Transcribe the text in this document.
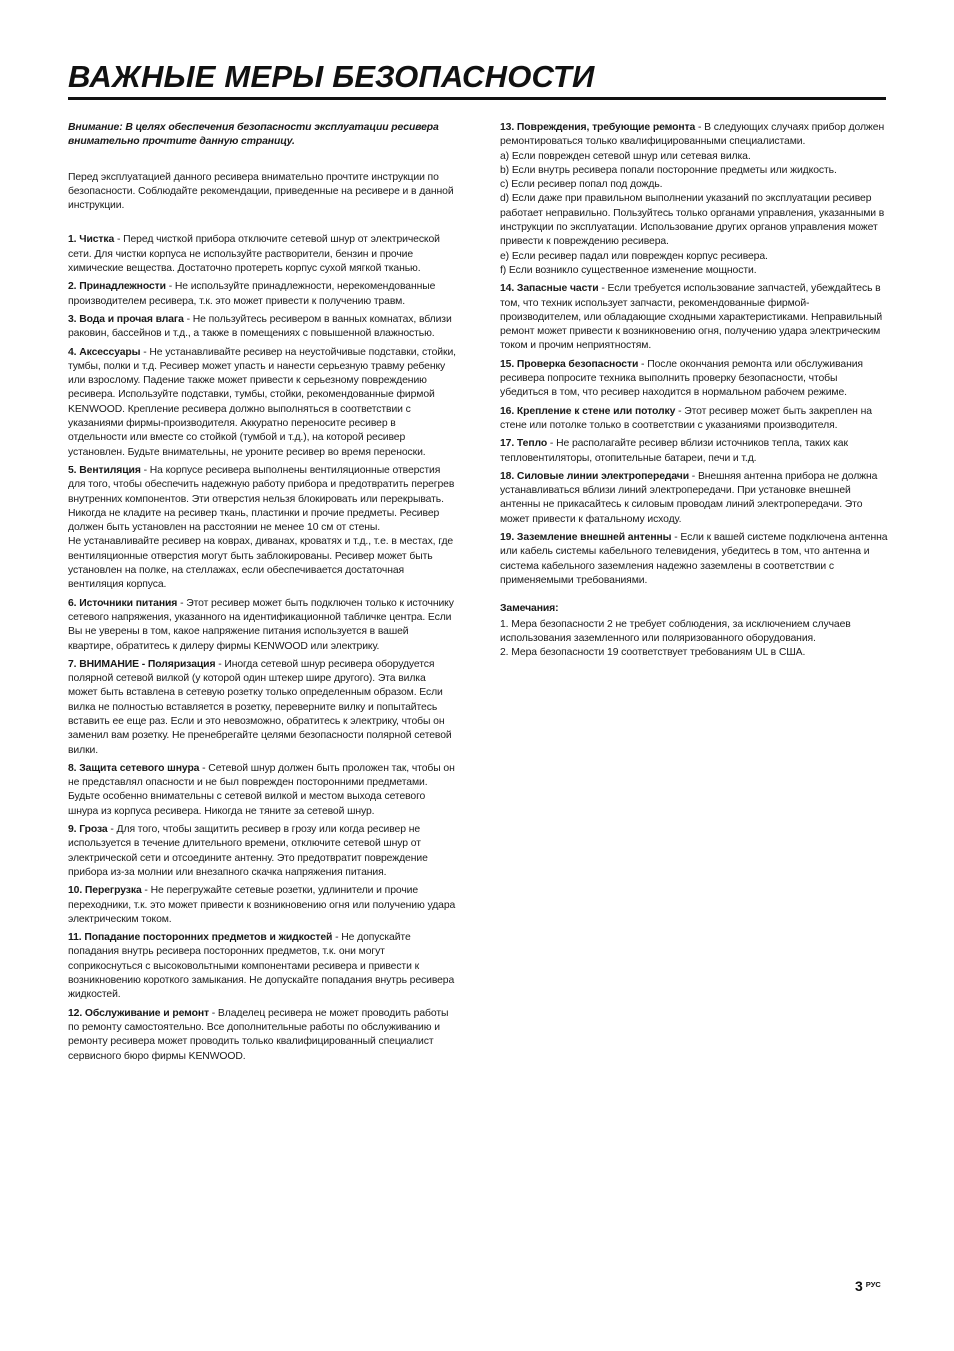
ВАЖНЫЕ МЕРЫ БЕЗОПАСНОСТИ

Внимание: В целях обеспечения безопасности эксплуатации ресивера внимательно прочтите данную страницу.

Перед эксплуатацией данного ресивера внимательно прочтите инструкции по безопасности. Соблюдайте рекомендации, приведенные на ресивере и в данной инструкции.

1. Чистка - Перед чисткой прибора отключите сетевой шнур от электрической сети. Для чистки корпуса не используйте растворители, бензин и прочие химические вещества. Достаточно протереть корпус сухой мягкой тканью.

2. Принадлежности - Не используйте принадлежности, нерекомендованные производителем ресивера, т.к. это может привести к получению травм.

3. Вода и прочая влага - Не пользуйтесь ресивером в ванных комнатах, вблизи раковин, бассейнов и т.д., а также в помещениях с повышенной влажностью.

4. Аксессуары - Не устанавливайте ресивер на неустойчивые подставки, стойки, тумбы, полки и т.д. Ресивер может упасть и нанести серьезную травму ребенку или взрослому. Падение также может привести к серьезному повреждению ресивера. Используйте подставки, тумбы, стойки, рекомендованные фирмой KENWOOD. Крепление ресивера должно выполняться в соответствии с указаниями фирмы-производителя. Аккуратно переносите ресивер в отдельности или вместе со стойкой (тумбой и т.д.), на которой ресивер установлен. Будьте внимательны, не уроните ресивер во время переноски.

5. Вентиляция - На корпусе ресивера выполнены вентиляционные отверстия для того, чтобы обеспечить надежную работу прибора и предотвратить перегрев внутренних компонентов. Эти отверстия нельзя блокировать или перекрывать. Никогда не кладите на ресивер ткань, пластинки и прочие предметы. Ресивер должен быть установлен на расстоянии не менее 10 см от стены.
Не устанавливайте ресивер на коврах, диванах, кроватях и т.д., т.е. в местах, где вентиляционные отверстия могут быть заблокированы. Ресивер может быть установлен на полке, на стеллажах, если обеспечивается достаточная вентиляция корпуса.

6. Источники питания - Этот ресивер может быть подключен только к источнику сетевого напряжения, указанного на идентификационной табличке центра. Если Вы не уверены в том, какое напряжение питания используется в вашей квартире, обратитесь к дилеру фирмы KENWOOD или электрику.

7. ВНИМАНИЕ - Поляризация - Иногда сетевой шнур ресивера оборудуется полярной сетевой вилкой (у которой один штекер шире другого). Эта вилка может быть вставлена в сетевую розетку только определенным образом. Если вилка не полностью вставляется в розетку, переверните вилку и попытайтесь вставить ее еще раз. Если и это невозможно, обратитесь к электрику, чтобы он заменил вам розетку. Не пренебрегайте целями безопасности полярной сетевой вилки.

8. Защита сетевого шнура - Сетевой шнур должен быть проложен так, чтобы он не представлял опасности и не был поврежден посторонними предметами. Будьте особенно внимательны с сетевой вилкой и местом выхода сетевого шнура из корпуса ресивера. Никогда не тяните за сетевой шнур.

9. Гроза - Для того, чтобы защитить ресивер в грозу или когда ресивер не используется в течение длительного времени, отключите сетевой шнур от электрической сети и отсоедините антенну. Это предотвратит повреждение прибора из-за молнии или внезапного скачка напряжения питания.

10. Перегрузка - Не перегружайте сетевые розетки, удлинители и прочие переходники, т.к. это может привести к возникновению огня или получению удара электрическим током.

11. Попадание посторонних предметов и жидкостей - Не допускайте попадания внутрь ресивера посторонних предметов, т.к. они могут соприкоснуться с высоковольтными компонентами ресивера и привести к возникновению короткого замыкания. Не допускайте попадания внутрь ресивера жидкостей.

12. Обслуживание и ремонт - Владелец ресивера не может проводить работы по ремонту самостоятельно. Все дополнительные работы по обслуживанию и ремонту ресивера может проводить только квалифицированный специалист сервисного бюро фирмы KENWOOD.

13. Повреждения, требующие ремонта - В следующих случаях прибор должен ремонтироваться только квалифицированными специалистами.
a) Если поврежден сетевой шнур или сетевая вилка.
b) Если внутрь ресивера попали посторонние предметы или жидкость.
c) Если ресивер попал под дождь.
d) Если даже при правильном выполнении указаний по эксплуатации ресивер работает неправильно. Пользуйтесь только органами управления, указанными в инструкции по эксплуатации. Использование других органов управления может привести к повреждению ресивера.
e) Если ресивер падал или поврежден корпус ресивера.
f) Если возникло существенное изменение мощности.

14. Запасные части - Если требуется использование запчастей, убеждайтесь в том, что техник использует запчасти, рекомендованные фирмой-производителем, или обладающие сходными характеристиками. Неправильный ремонт может привести к возникновению огня, получению удара электрическим током и прочим неприятностям.

15. Проверка безопасности - После окончания ремонта или обслуживания ресивера попросите техника выполнить проверку безопасности, чтобы убедиться в том, что ресивер находится в нормальном рабочем режиме.

16. Крепление к стене или потолку - Этот ресивер может быть закреплен на стене или потолке только в соответствии с указаниями производителя.

17. Тепло - Не располагайте ресивер вблизи источников тепла, таких как тепловентиляторы, отопительные батареи, печи и т.д.

18. Силовые линии электропередачи - Внешняя антенна прибора не должна устанавливаться вблизи линий электропередачи. При установке внешней антенны не прикасайтесь к силовым проводам линий электропередачи. Это может привести к фатальному исходу.

19. Заземление внешней антенны - Если к вашей системе подключена антенна или кабель системы кабельного телевидения, убедитесь в том, что антенна и система кабельного заземления надежно заземлены в соответствии с применяемыми требованиями.

Замечания:

1. Мера безопасности 2 не требует соблюдения, за исключением случаев использования заземленного или поляризованного оборудования.

2. Мера безопасности 19 соответствует требованиям UL в США.

3 $^{РУС}$
